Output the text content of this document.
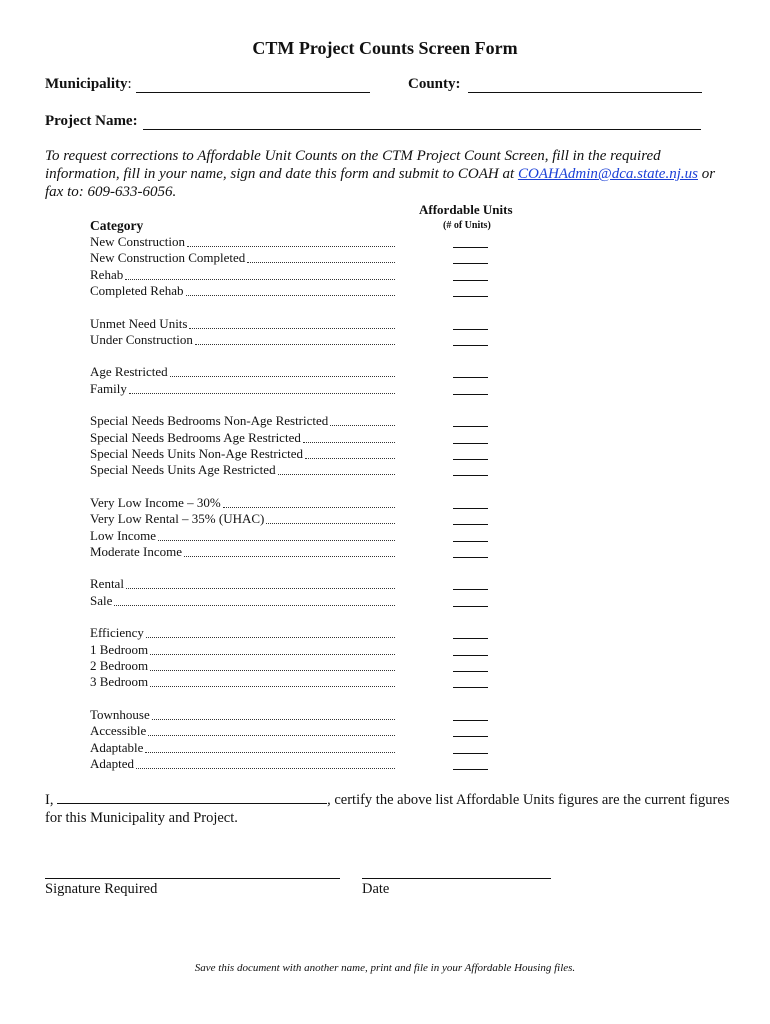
CTM Project Counts Screen Form
Municipality:	County:
Project Name:
To request corrections to Affordable Unit Counts on the CTM Project Count Screen, fill in the required information, fill in your name, sign and date this form and submit to COAH at COAHAdmin@dca.state.nj.us or fax to: 609-633-6056.
Affordable Units
(# of Units)
Category
New Construction
New Construction Completed
Rehab
Completed Rehab
Unmet Need Units
Under Construction
Age Restricted
Family
Special Needs Bedrooms Non-Age Restricted
Special Needs Bedrooms Age Restricted
Special Needs Units Non-Age Restricted
Special Needs Units Age Restricted
Very Low Income – 30%
Very Low Rental – 35% (UHAC)
Low Income
Moderate Income
Rental
Sale
Efficiency
1 Bedroom
2 Bedroom
3 Bedroom
Townhouse
Accessible
Adaptable
Adapted
I,	, certify the above list Affordable Units figures are the current figures for this Municipality and Project.
Signature Required	Date
Save this document with another name, print and file in your Affordable Housing files.
